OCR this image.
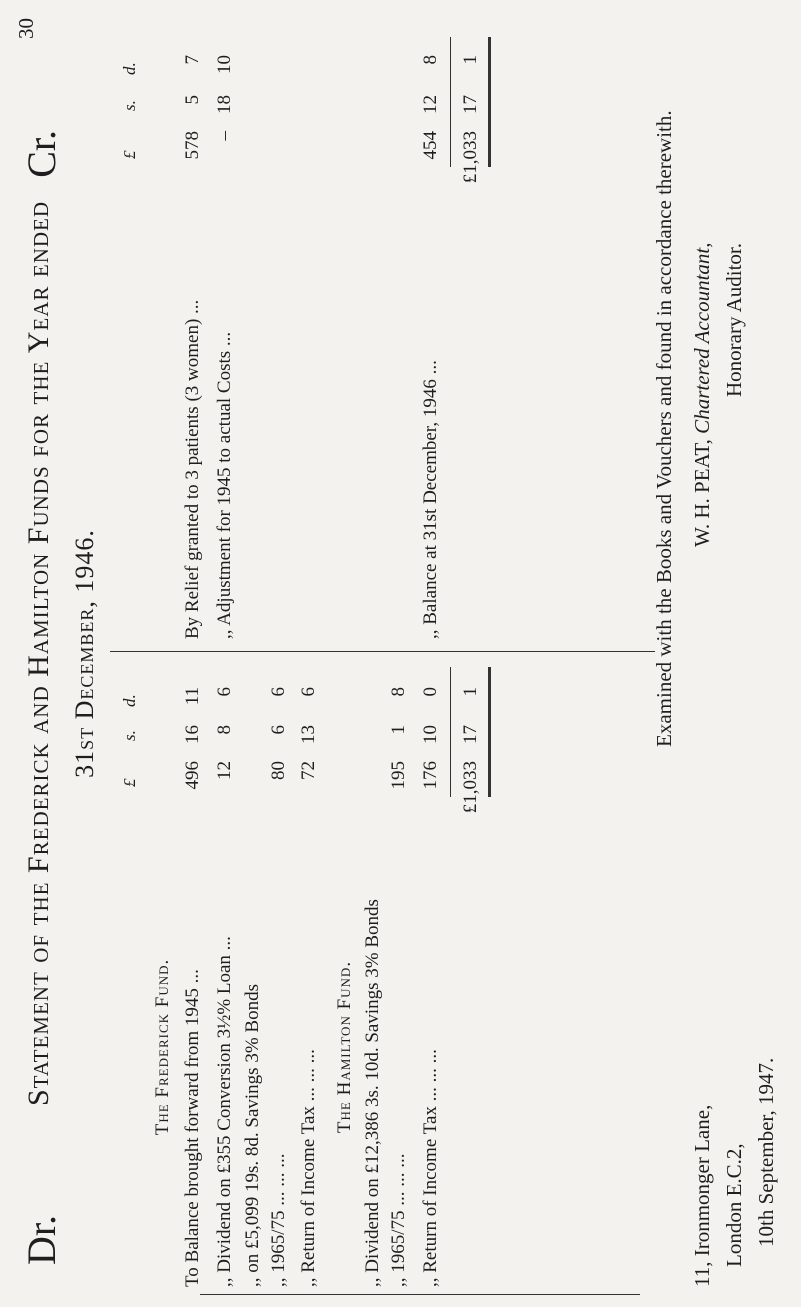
30
Dr.
Statement of the Frederick and Hamilton Funds for the Year ended 31st December, 1946.
Cr.
£
s.
d.
£
s.
d.
The Frederick Fund. To Balance brought forward from 1945 ...
496
16
11
,, Dividend on £355 Conversion 3½% Loan ...
12
8
6
,, on £5,099 19s. 8d. Savings 3% Bonds ,, 1965/75 ... ... ...
80
6
6
,, Return of Income Tax ... ... ...
72
13
6
The Hamilton Fund. ,, Dividend on £12,386 3s. 10d. Savings 3% Bonds ,, 1965/75 ... ... ...
195
1
8
,, Return of Income Tax ... ... ...
176
10
0
£1,033
17
1
By Relief granted to 3 patients (3 women) ...
578
5
7
,, Adjustment for 1945 to actual Costs ...
–
18
10
,, Balance at 31st December, 1946 ...
454
12
8
£1,033
17
1
Examined with the Books and Vouchers and found in accordance therewith.
11, Ironmonger Lane, London E.C.2, 10th September, 1947.
W. H. PEAT, Chartered Accountant, Honorary Auditor.
